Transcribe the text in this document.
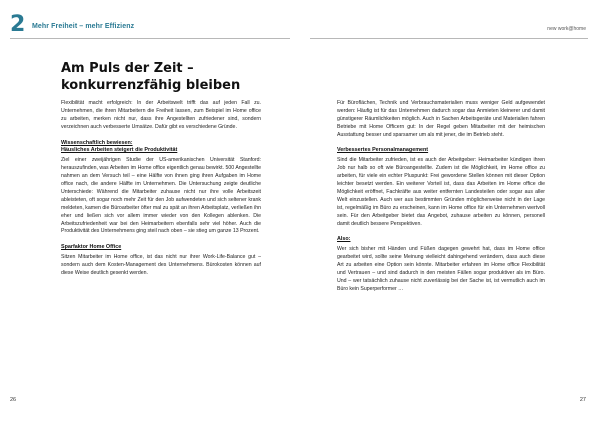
2 Mehr Freiheit – mehr Effizienz	new work@home
Am Puls der Zeit –
konkurrenzfähig bleiben

Flexibilität macht erfolgreich: In der Arbeitswelt trifft das auf jeden Fall zu. Unternehmen, die ihren Mitarbeitern die Freiheit lassen, zum Beispiel im Home office zu arbeiten, merken nicht nur, dass ihre Angestellten zufriedener sind, sondern verzeichnen auch verbesserte Umsätze. Dafür gibt es verschiedene Gründe.

Wissenschaftlich bewiesen:
Häusliches Arbeiten steigert die Produktivität

Ziel einer zweijährigen Studie der US-amerikanischen Universität Stanford: herauszufinden, was Arbeiten im Home office eigentlich genau bewirkt. 500 Angestellte nahmen an dem Versuch teil – eine Hälfte von ihnen ging ihren Aufgaben im Home office nach, die andere Hälfte im Unternehmen. Die Untersuchung zeigte deutliche Unterschiede: Während die Mitarbeiter zuhause nicht nur ihre volle Arbeitszeit ableisteten, oft sogar noch mehr Zeit für den Job aufwendeten und sich seltener krank meldeten, kamen die Büroarbeiter öfter mal zu spät an ihren Arbeitsplatz, verließen ihn eher und ließen sich vor allem immer wieder von den Kollegen ablenken. Die Arbeitszufriedenheit war bei den Heimarbeitern ebenfalls sehr viel höher. Auch die Produktivität des Unternehmens ging steil nach oben – sie stieg um ganze 13 Prozent.

Sparfaktor Home Office

Sitzen Mitarbeiter im Home office, ist das nicht nur ihrer Work-Life-Balance gut – sondern auch dem Kosten-Management des Unternehmens. Bürokosten können auf diese Weise deutlich gesenkt werden.

Für Büroflächen, Technik und Verbrauchsmaterialien muss weniger Geld aufgewendet werden: Häufig ist für das Unternehmen dadurch sogar das Anmieten kleinerer und damit günstigerer Räumlichkeiten möglich. Auch in Sachen Arbeitsgeräte und Materialien fahren Betriebe mit Home Officern gut: In der Regel geben Mitarbeiter mit der heimischen Ausstattung besser und sparsamer um als mit jener, die im Betrieb steht.

Verbessertes Personalmanagement

Sind die Mitarbeiter zufrieden, ist es auch der Arbeitgeber: Heimarbeiter kündigen ihren Job nur halb so oft wie Büroangestellte. Zudem ist die Möglichkeit, im Home office zu arbeiten, für viele ein echter Pluspunkt: Frei gewordene Stellen können mit dieser Option leichter besetzt werden. Ein weiterer Vorteil ist, dass das Arbeiten im Home office die Möglichkeit eröffnet, Fachkräfte aus weiter entfernten Landesteilen oder sogar aus aller Welt einzustellen. Auch wer aus bestimmten Gründen möglicherweise nicht in der Lage ist, regelmäßig im Büro zu erscheinen, kann im Home office für ein Unternehmen wertvoll sein. Für den Arbeitgeber bietet das Angebot, zuhause arbeiten zu können, personell damit deutlich bessere Perspektiven.

Also:

Wer sich bisher mit Händen und Füßen dagegen gewehrt hat, dass im Home office gearbeitet wird, sollte seine Meinung vielleicht dahingehend verändern, dass auch diese Art zu arbeiten eine Option sein könnte. Mitarbeiter erfahren im Home office Flexibilität und Vertrauen – und sind dadurch in den meisten Fällen sogar produktiver als im Büro. Und – wer tatsächlich zuhause nicht zuverlässig bei der Sache ist, ist vermutlich auch im Büro kein Superperformer …

26	27
